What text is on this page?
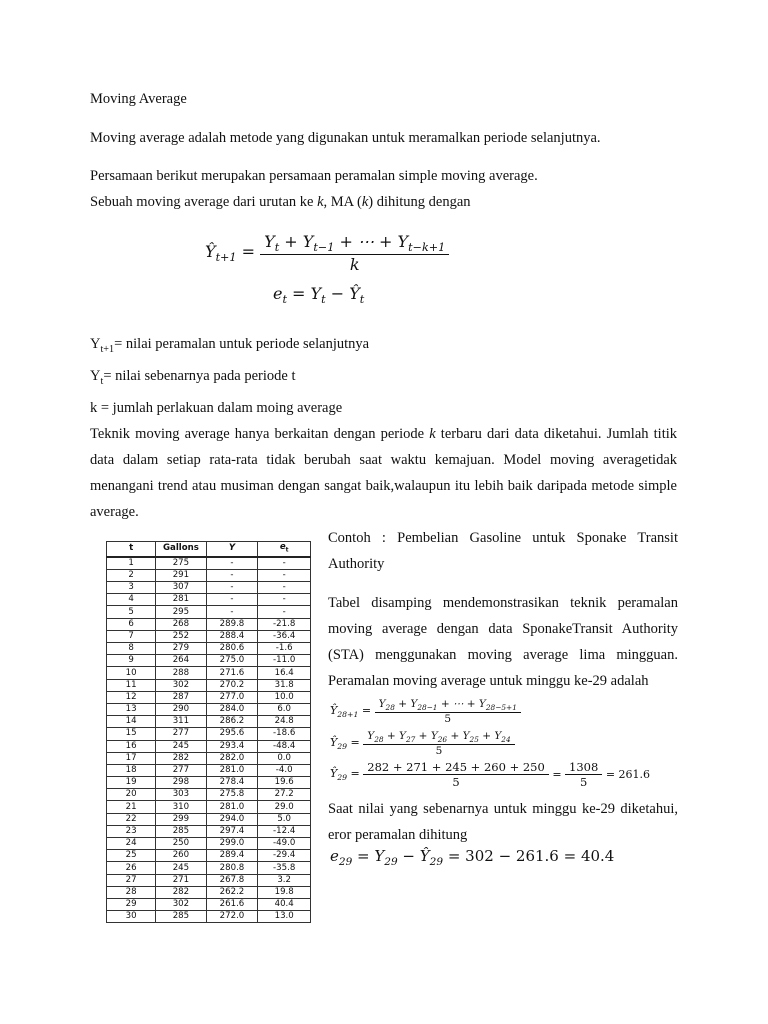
Moving Average

Moving average adalah metode yang digunakan untuk meramalkan periode selanjutnya.

Persamaan berikut merupakan persamaan peramalan simple moving average.

Sebuah moving average dari urutan ke k, MA (k) dihitung dengan

$Ŷ_{t+1} = \frac{Y_t + Y_{t-1} + \cdots + Y_{t-k+1}}{k}$
$e_t = Y_t$ − $Ŷ_t$

$Y_{t+1}=$ nilai peramalan untuk periode selanjutnya

$Y_t=$ nilai sebenarnya pada periode t

k = jumlah perlakuan dalam moing average

Teknik moving average hanya berkaitan dengan periode k terbaru dari data diketahui. Jumlah titik data dalam setiap rata-rata tidak berubah saat waktu kemajuan. Model moving averagetidak menangani trend atau musiman dengan sangat baik,walaupun itu lebih baik daripada metode simple average.

t	Gallons	Y	$e_t$
1	275	-	-
2	291	-	-
3	307	-	-
4	281	-	-
5	295	-	-
6	268	289.8	-21.8
7	252	288.4	-36.4
8	279	280.6	-1.6
9	264	275.0	-11.0
10	288	271.6	16.4
11	302	270.2	31.8
12	287	277.0	10.0
13	290	284.0	6.0
14	311	286.2	24.8
15	277	295.6	-18.6
16	245	293.4	-48.4
17	282	282.0	0.0
18	277	281.0	-4.0
19	298	278.4	19.6
20	303	275.8	27.2
21	310	281.0	29.0
22	299	294.0	5.0
23	285	297.4	-12.4
24	250	299.0	-49.0
25	260	289.4	-29.4
26	245	280.8	-35.8
27	271	267.8	3.2
28	282	262.2	19.8
29	302	261.6	40.4
30	285	272.0	13.0

Contoh : Pembelian Gasoline untuk Sponake Transit Authority

Tabel disamping mendemonstrasikan teknik peramalan moving average dengan data SponakeTransit Authority (STA) menggunakan moving average lima mingguan. Peramalan moving average untuk minggu ke-29 adalah

$Ŷ_{28+1} = \frac{Y_{28} + Y_{28-1} + \cdots + Y_{28-5+1}}{5}$
$Ŷ_{29} = \frac{Y_{28} + Y_{27} + Y_{26} + Y_{25} + Y_{24}}{5}$
$Ŷ_{29} = \frac{282 + 271 + 245 + 260 + 250}{5} = \frac{1308}{5} = 261.6$

Saat nilai yang sebenarnya untuk minggu ke-29 diketahui, eror peramalan dihitung

$e_{29} = Y_{29}$ − $Ŷ_{29} = 302 - 261.6 = 40.4$
